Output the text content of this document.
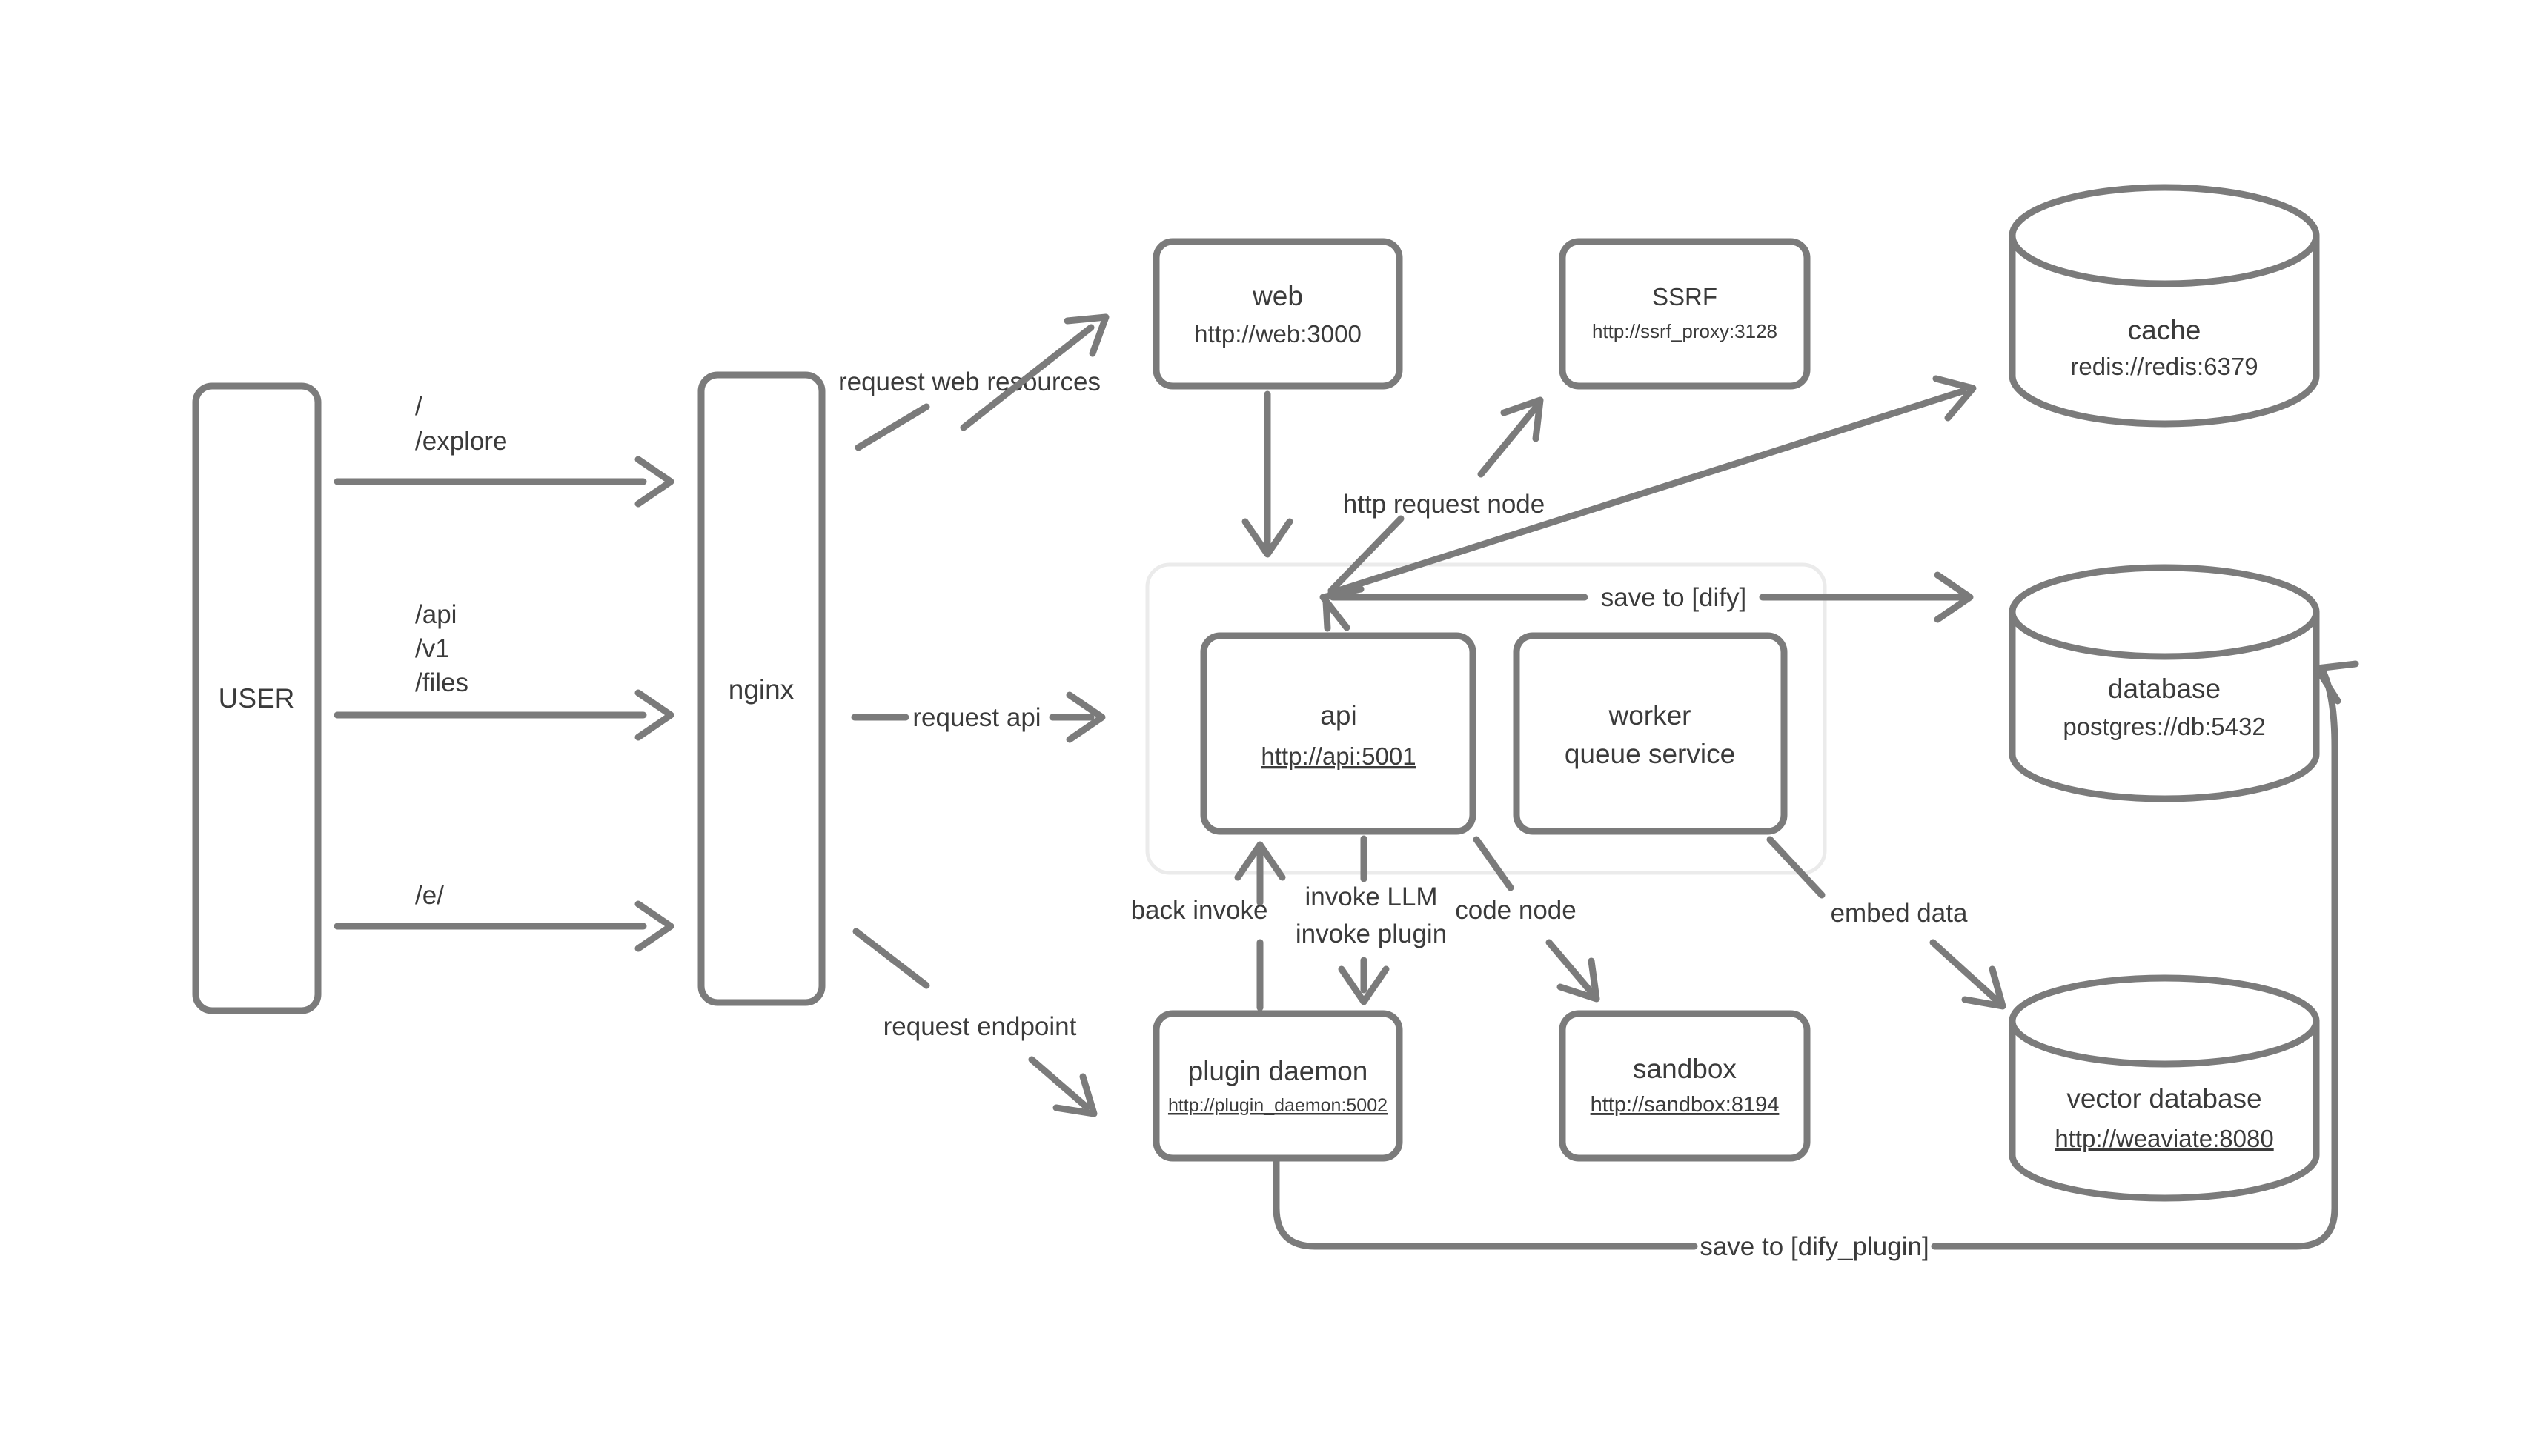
USER
/
/explore
/api
/v1
/files
/e/
nginx
request web resources
request api
request endpoint
web
http://web:3000
SSRF
http://ssrf_proxy:3128
http request node
save to [dify]
api
http://api:5001
worker
queue service
cache
redis://redis:6379
database
postgres://db:5432
vector database
http://weaviate:8080
back invoke invoke LLM
invoke plugin
code node	embed data
plugin daemon
http://plugin_daemon:5002
sandbox
http://sandbox:8194
save to [dify_plugin]
